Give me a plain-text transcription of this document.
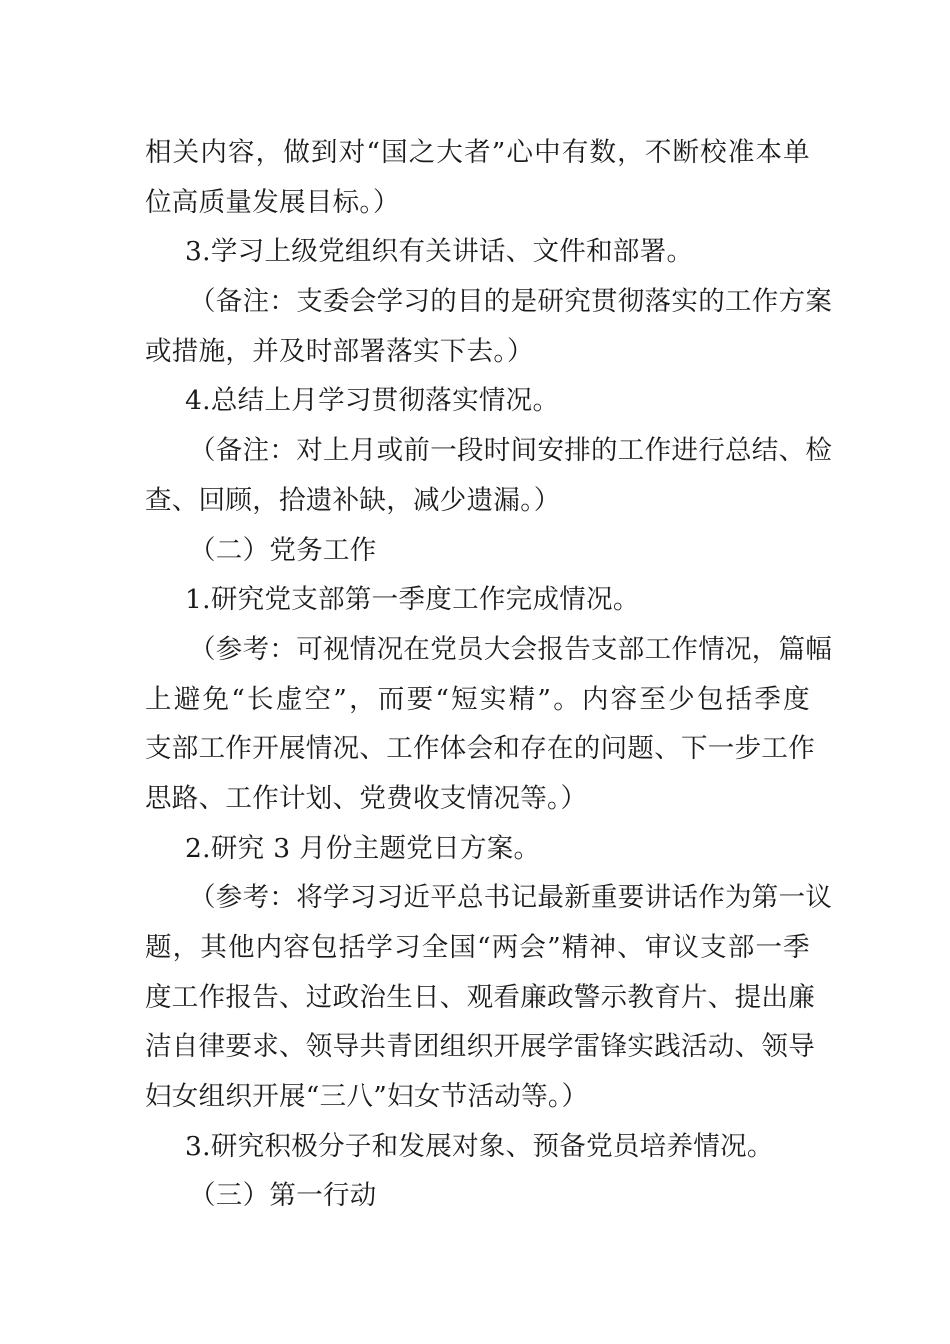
相关内容，做到对“国之大者”心中有数，不断校准本单
位高质量发展目标。）
3.学习上级党组织有关讲话、文件和部署。
（备注：支委会学习的目的是研究贯彻落实的工作方案
或措施，并及时部署落实下去。）
4.总结上月学习贯彻落实情况。
（备注：对上月或前一段时间安排的工作进行总结、检
查、回顾，拾遗补缺，减少遗漏。）
（二）党务工作
1.研究党支部第一季度工作完成情况。
（参考：可视情况在党员大会报告支部工作情况，篇幅
上避免“长虚空”，而要“短实精”。内容至少包括季度
支部工作开展情况、工作体会和存在的问题、下一步工作
思路、工作计划、党费收支情况等。）
2.研究 3 月份主题党日方案。
（参考：将学习习近平总书记最新重要讲话作为第一议
题，其他内容包括学习全国“两会”精神、审议支部一季
度工作报告、过政治生日、观看廉政警示教育片、提出廉
洁自律要求、领导共青团组织开展学雷锋实践活动、领导
妇女组织开展“三八”妇女节活动等。）
3.研究积极分子和发展对象、预备党员培养情况。
（三）第一行动
